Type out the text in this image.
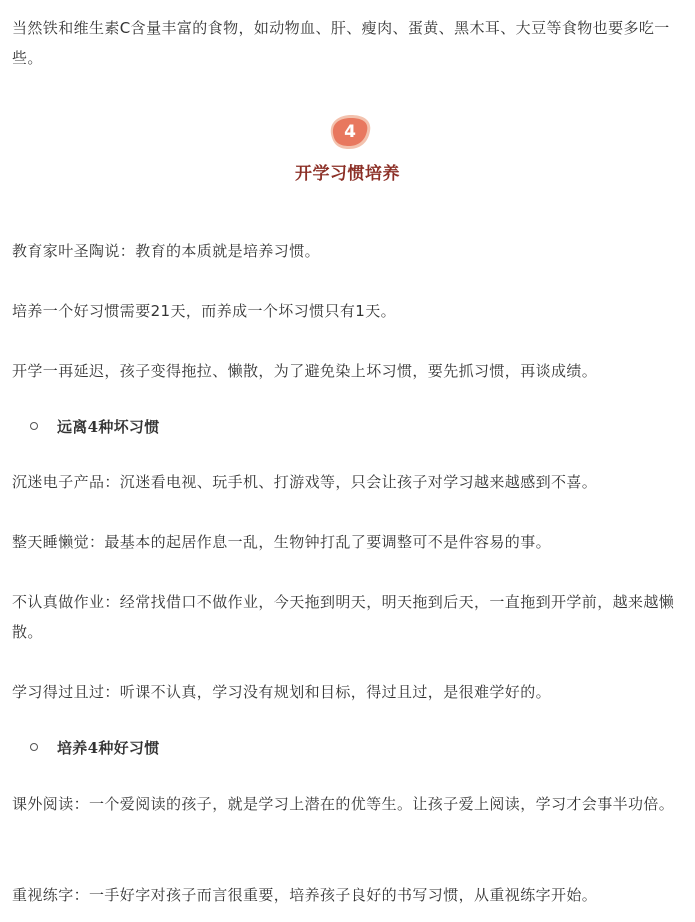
当然铁和维生素C含量丰富的食物，如动物血、肝、瘦肉、蛋黄、黑木耳、大豆等食物也要多吃一些。

4
开学习惯培养

教育家叶圣陶说：教育的本质就是培养习惯。

培养一个好习惯需要21天，而养成一个坏习惯只有1天。

开学一再延迟，孩子变得拖拉、懒散，为了避免染上坏习惯，要先抓习惯，再谈成绩。

远离4种坏习惯

沉迷电子产品：沉迷看电视、玩手机、打游戏等，只会让孩子对学习越来越感到不喜。

整天睡懒觉：最基本的起居作息一乱，生物钟打乱了要调整可不是件容易的事。

不认真做作业：经常找借口不做作业，今天拖到明天，明天拖到后天，一直拖到开学前，越来越懒散。

学习得过且过：听课不认真，学习没有规划和目标，得过且过，是很难学好的。

培养4种好习惯

课外阅读：一个爱阅读的孩子，就是学习上潜在的优等生。让孩子爱上阅读，学习才会事半功倍。

重视练字：一手好字对孩子而言很重要，培养孩子良好的书写习惯，从重视练字开始。
